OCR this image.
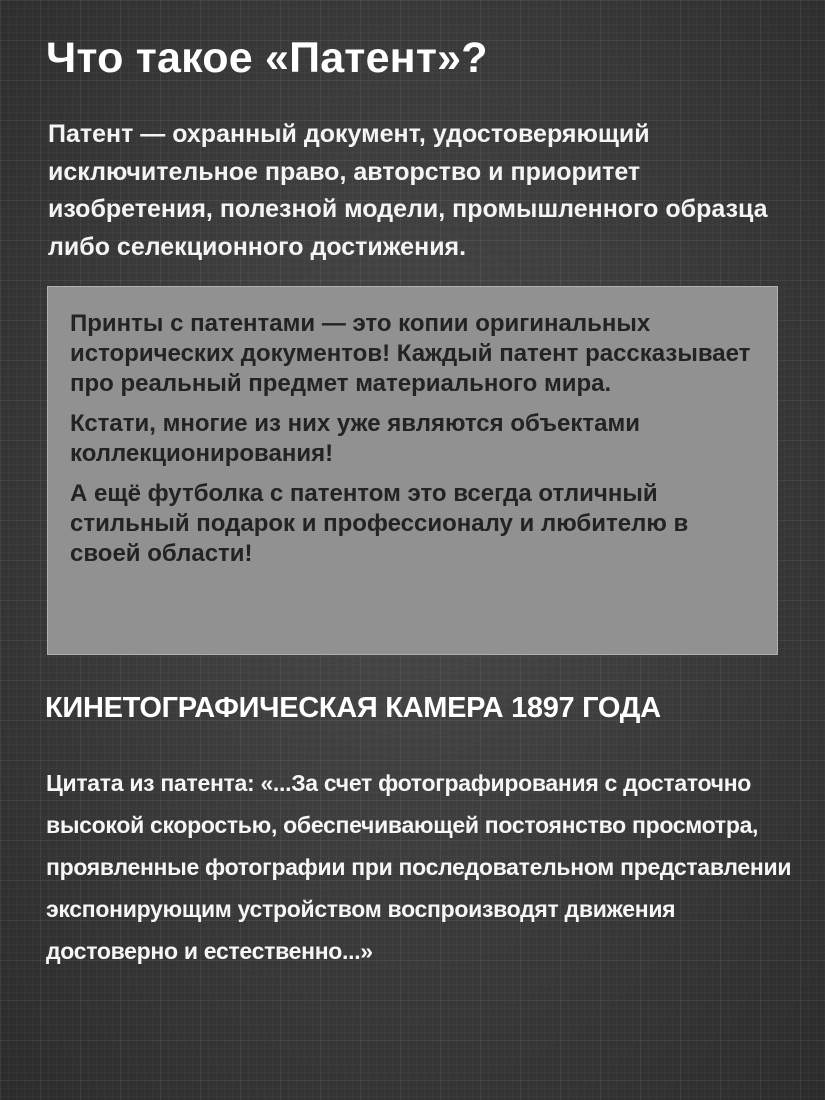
Что такое «Патент»?

Патент — охранный документ, удостоверяющий исключительное право, авторство и приоритет изобретения, полезной модели, промышленного образца либо селекционного достижения.

Принты с патентами — это копии оригинальных исторических документов! Каждый патент рассказывает про реальный предмет материального мира.

Кстати, многие из них уже являются объектами коллекционирования!

А ещё футболка с патентом это всегда отличный стильный подарок и профессионалу и любителю в своей области!

КИНЕТОГРАФИЧЕСКАЯ КАМЕРА 1897 ГОДА

Цитата из патента: «...За счет фотографирования с достаточно высокой скоростью, обеспечивающей постоянство просмотра, проявленные фотографии при последовательном представлении экспонирующим устройством воспроизводят движения достоверно и естественно...»
